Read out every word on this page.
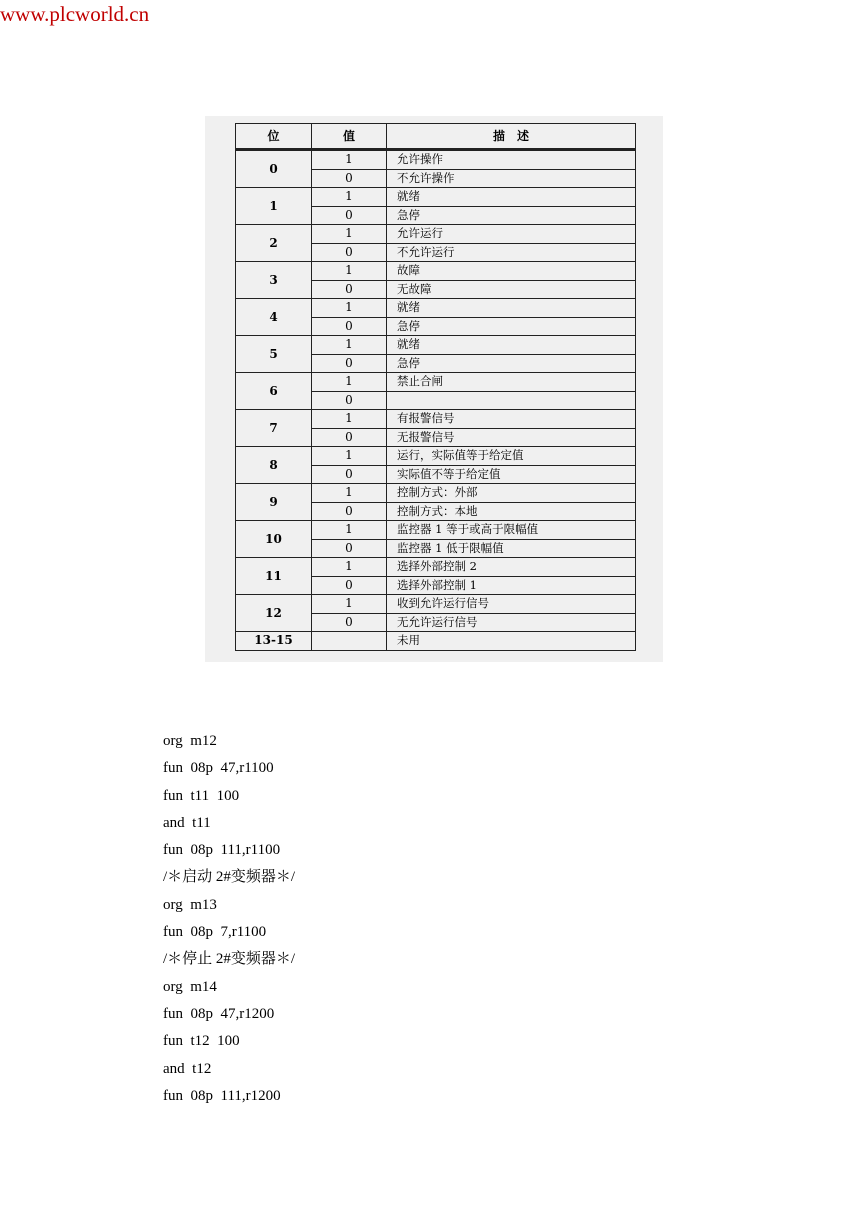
www.plcworld.cn
位	值	描　述
0	1	允许操作
	0	不允许操作
1	1	就绪
	0	急停
2	1	允许运行
	0	不允许运行
3	1	故障
	0	无故障
4	1	就绪
	0	急停
5	1	就绪
	0	急停
6	1	禁止合闸
	0	
7	1	有报警信号
	0	无报警信号
8	1	运行，实际值等于给定值
	0	实际值不等于给定值
9	1	控制方式：外部
	0	控制方式：本地
10	1	监控器 1 等于或高于限幅值
	0	监控器 1 低于限幅值
11	1	选择外部控制 2
	0	选择外部控制 1
12	1	收到允许运行信号
	0	无允许运行信号
13-15		未用
org  m12
fun  08p  47,r1100
fun  t11  100
and  t11
fun  08p  111,r1100
/＊启动 2#变频器＊/
org  m13
fun  08p  7,r1100
/＊停止 2#变频器＊/
org  m14
fun  08p  47,r1200
fun  t12  100
and  t12
fun  08p  111,r1200
